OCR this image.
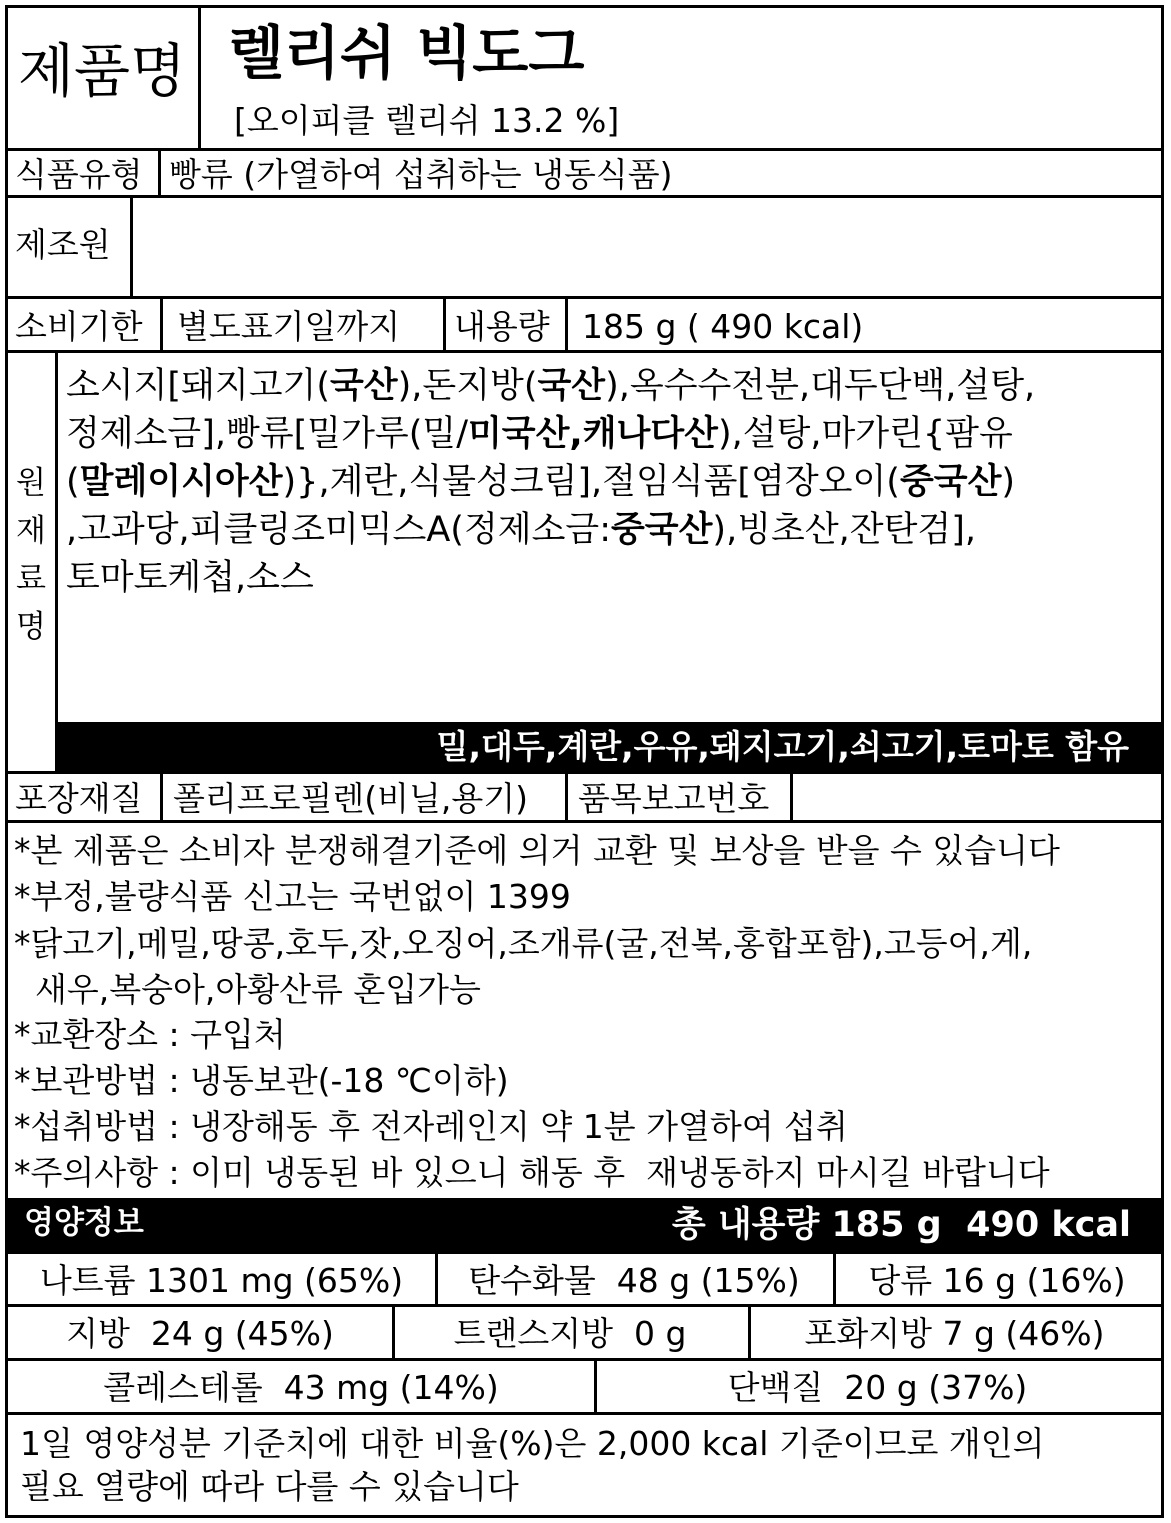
제품명 렐리쉬 빅도그
[오이피클 렐리쉬 13.2 %]
식품유형 빵류 (가열하여 섭취하는 냉동식품)
제조원
소비기한 별도표기일까지 내용량 185 g ( 490 kcal)
원
재
료
명
소시지[돼지고기(국산),돈지방(국산),옥수수전분,대두단백,설탕,
정제소금],빵류[밀가루(밀/미국산,캐나다산),설탕,마가린{팜유
(말레이시아산)},계란,식물성크림],절임식품[염장오이(중국산)
,고과당,피클링조미믹스A(정제소금:중국산),빙초산,잔탄검],
토마토케첩,소스
밀,대두,계란,우유,돼지고기,쇠고기,토마토 함유
포장재질 폴리프로필렌(비닐,용기) 품목보고번호
*본 제품은 소비자 분쟁해결기준에 의거 교환 및 보상을 받을 수 있습니다
*부정,불량식품 신고는 국번없이 1399
*닭고기,메밀,땅콩,호두,잣,오징어,조개류(굴,전복,홍합포함),고등어,게,
새우,복숭아,아황산류 혼입가능
*교환장소 : 구입처
*보관방법 : 냉동보관(-18 ℃이하)
*섭취방법 : 냉장해동 후 전자레인지 약 1분 가열하여 섭취
*주의사항 : 이미 냉동된 바 있으니 해동 후  재냉동하지 마시길 바랍니다
영양정보	총 내용량 185 g  490 kcal
나트륨 1301 mg (65%)	탄수화물  48 g (15%)	당류 16 g (16%)
지방  24 g (45%)	트랜스지방  0 g	포화지방 7 g (46%)
콜레스테롤  43 mg (14%)	단백질  20 g (37%)
1일 영양성분 기준치에 대한 비율(%)은 2,000 kcal 기준이므로 개인의
필요 열량에 따라 다를 수 있습니다
